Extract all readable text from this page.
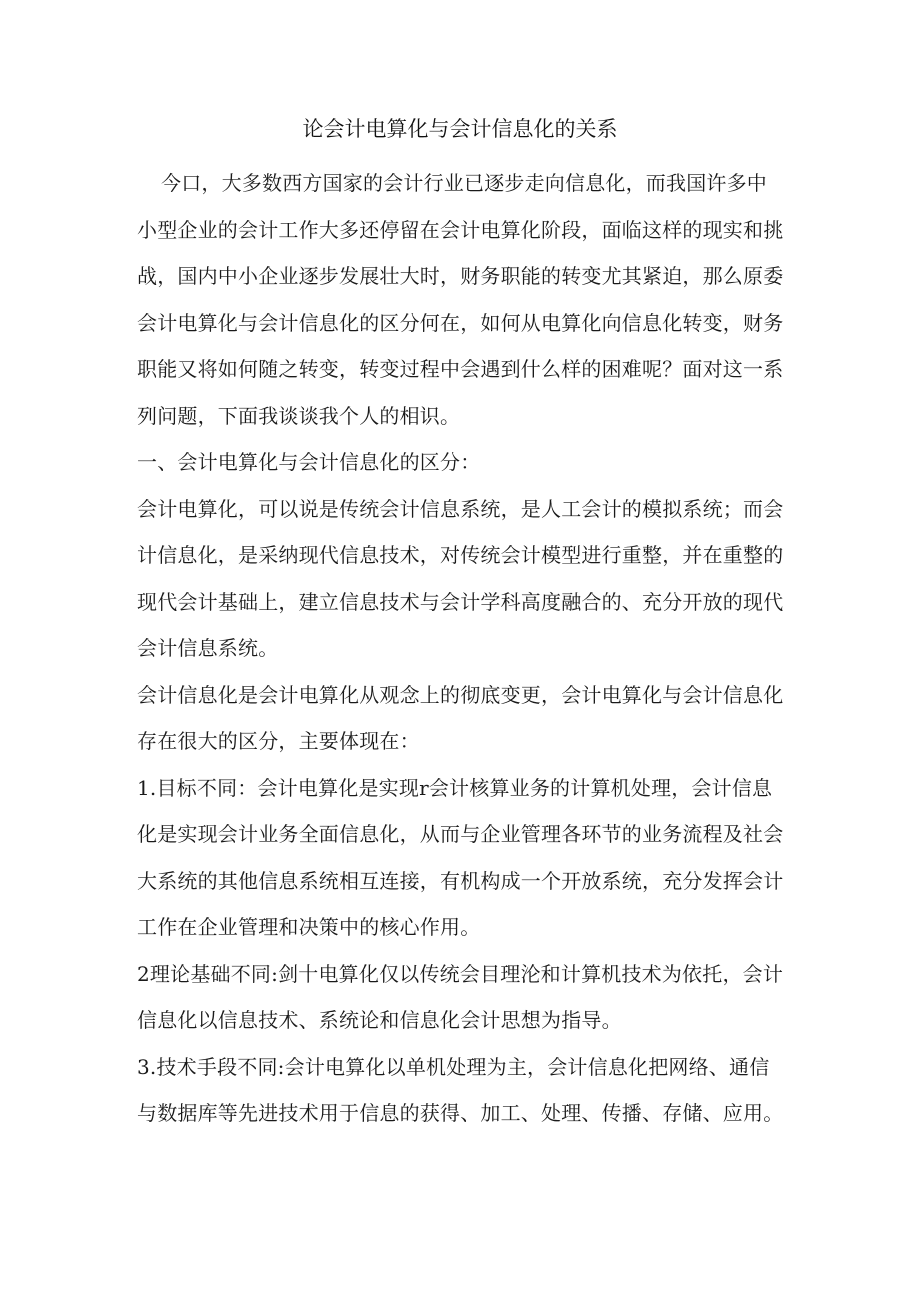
论会计电算化与会计信息化的关系

今口，大多数西方国家的会计行业已逐步走向信息化，而我国许多中小型企业的会计工作大多还停留在会计电算化阶段，面临这样的现实和挑战，国内中小企业逐步发展壮大时，财务职能的转变尤其紧迫，那么原委会计电算化与会计信息化的区分何在，如何从电算化向信息化转变，财务职能又将如何随之转变，转变过程中会遇到什么样的困难呢？面对这一系列问题，下面我谈谈我个人的相识。

一、会计电算化与会计信息化的区分：

会计电算化，可以说是传统会计信息系统，是人工会计的模拟系统；而会计信息化，是采纳现代信息技术，对传统会计模型进行重整，并在重整的现代会计基础上，建立信息技术与会计学科高度融合的、充分开放的现代会计信息系统。

会计信息化是会计电算化从观念上的彻底变更，会计电算化与会计信息化存在很大的区分，主要体现在：

1.目标不同：会计电算化是实现r会计核算业务的计算机处理，会计信息化是实现会计业务全面信息化，从而与企业管理各环节的业务流程及社会大系统的其他信息系统相互连接，有机构成一个开放系统，充分发挥会计工作在企业管理和决策中的核心作用。

2理论基础不同:剑十电算化仅以传统会目理沦和计算机技术为依托，会计信息化以信息技术、系统论和信息化会计思想为指导。

3.技术手段不同:会计电算化以单机处理为主，会计信息化把网络、通信与数据库等先进技术用于信息的获得、加工、处理、传播、存储、应用。
